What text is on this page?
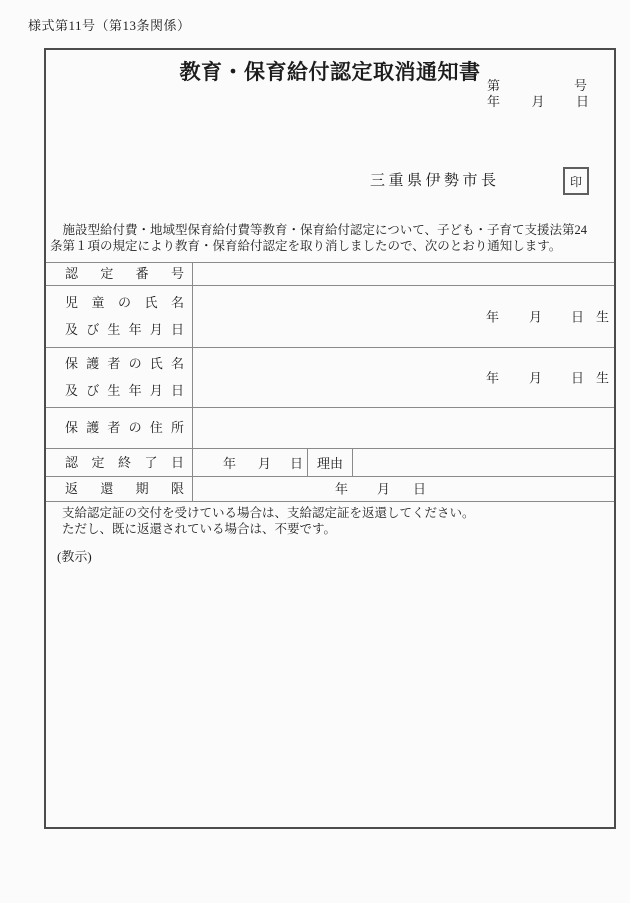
様式第11号（第13条関係）
教育・保育給付認定取消通知書
第	号
年 月 日
三重県伊勢市長	印
施設型給付費・地域型保育給付費等教育・保育給付認定について、子ども・子育て支援法第24条第１項の規定により教育・保育給付認定を取り消しましたので、次のとおり通知します。
認定番号
児童の氏名
及び生年月日
年 月 日 生
保護者の氏名
及び生年月日
年 月 日 生
保護者の住所
認定終了日	年 月 日 理由
返還期限	年 月 日
支給認定証の交付を受けている場合は、支給認定証を返還してください。
ただし、既に返還されている場合は、不要です。
(教示)
